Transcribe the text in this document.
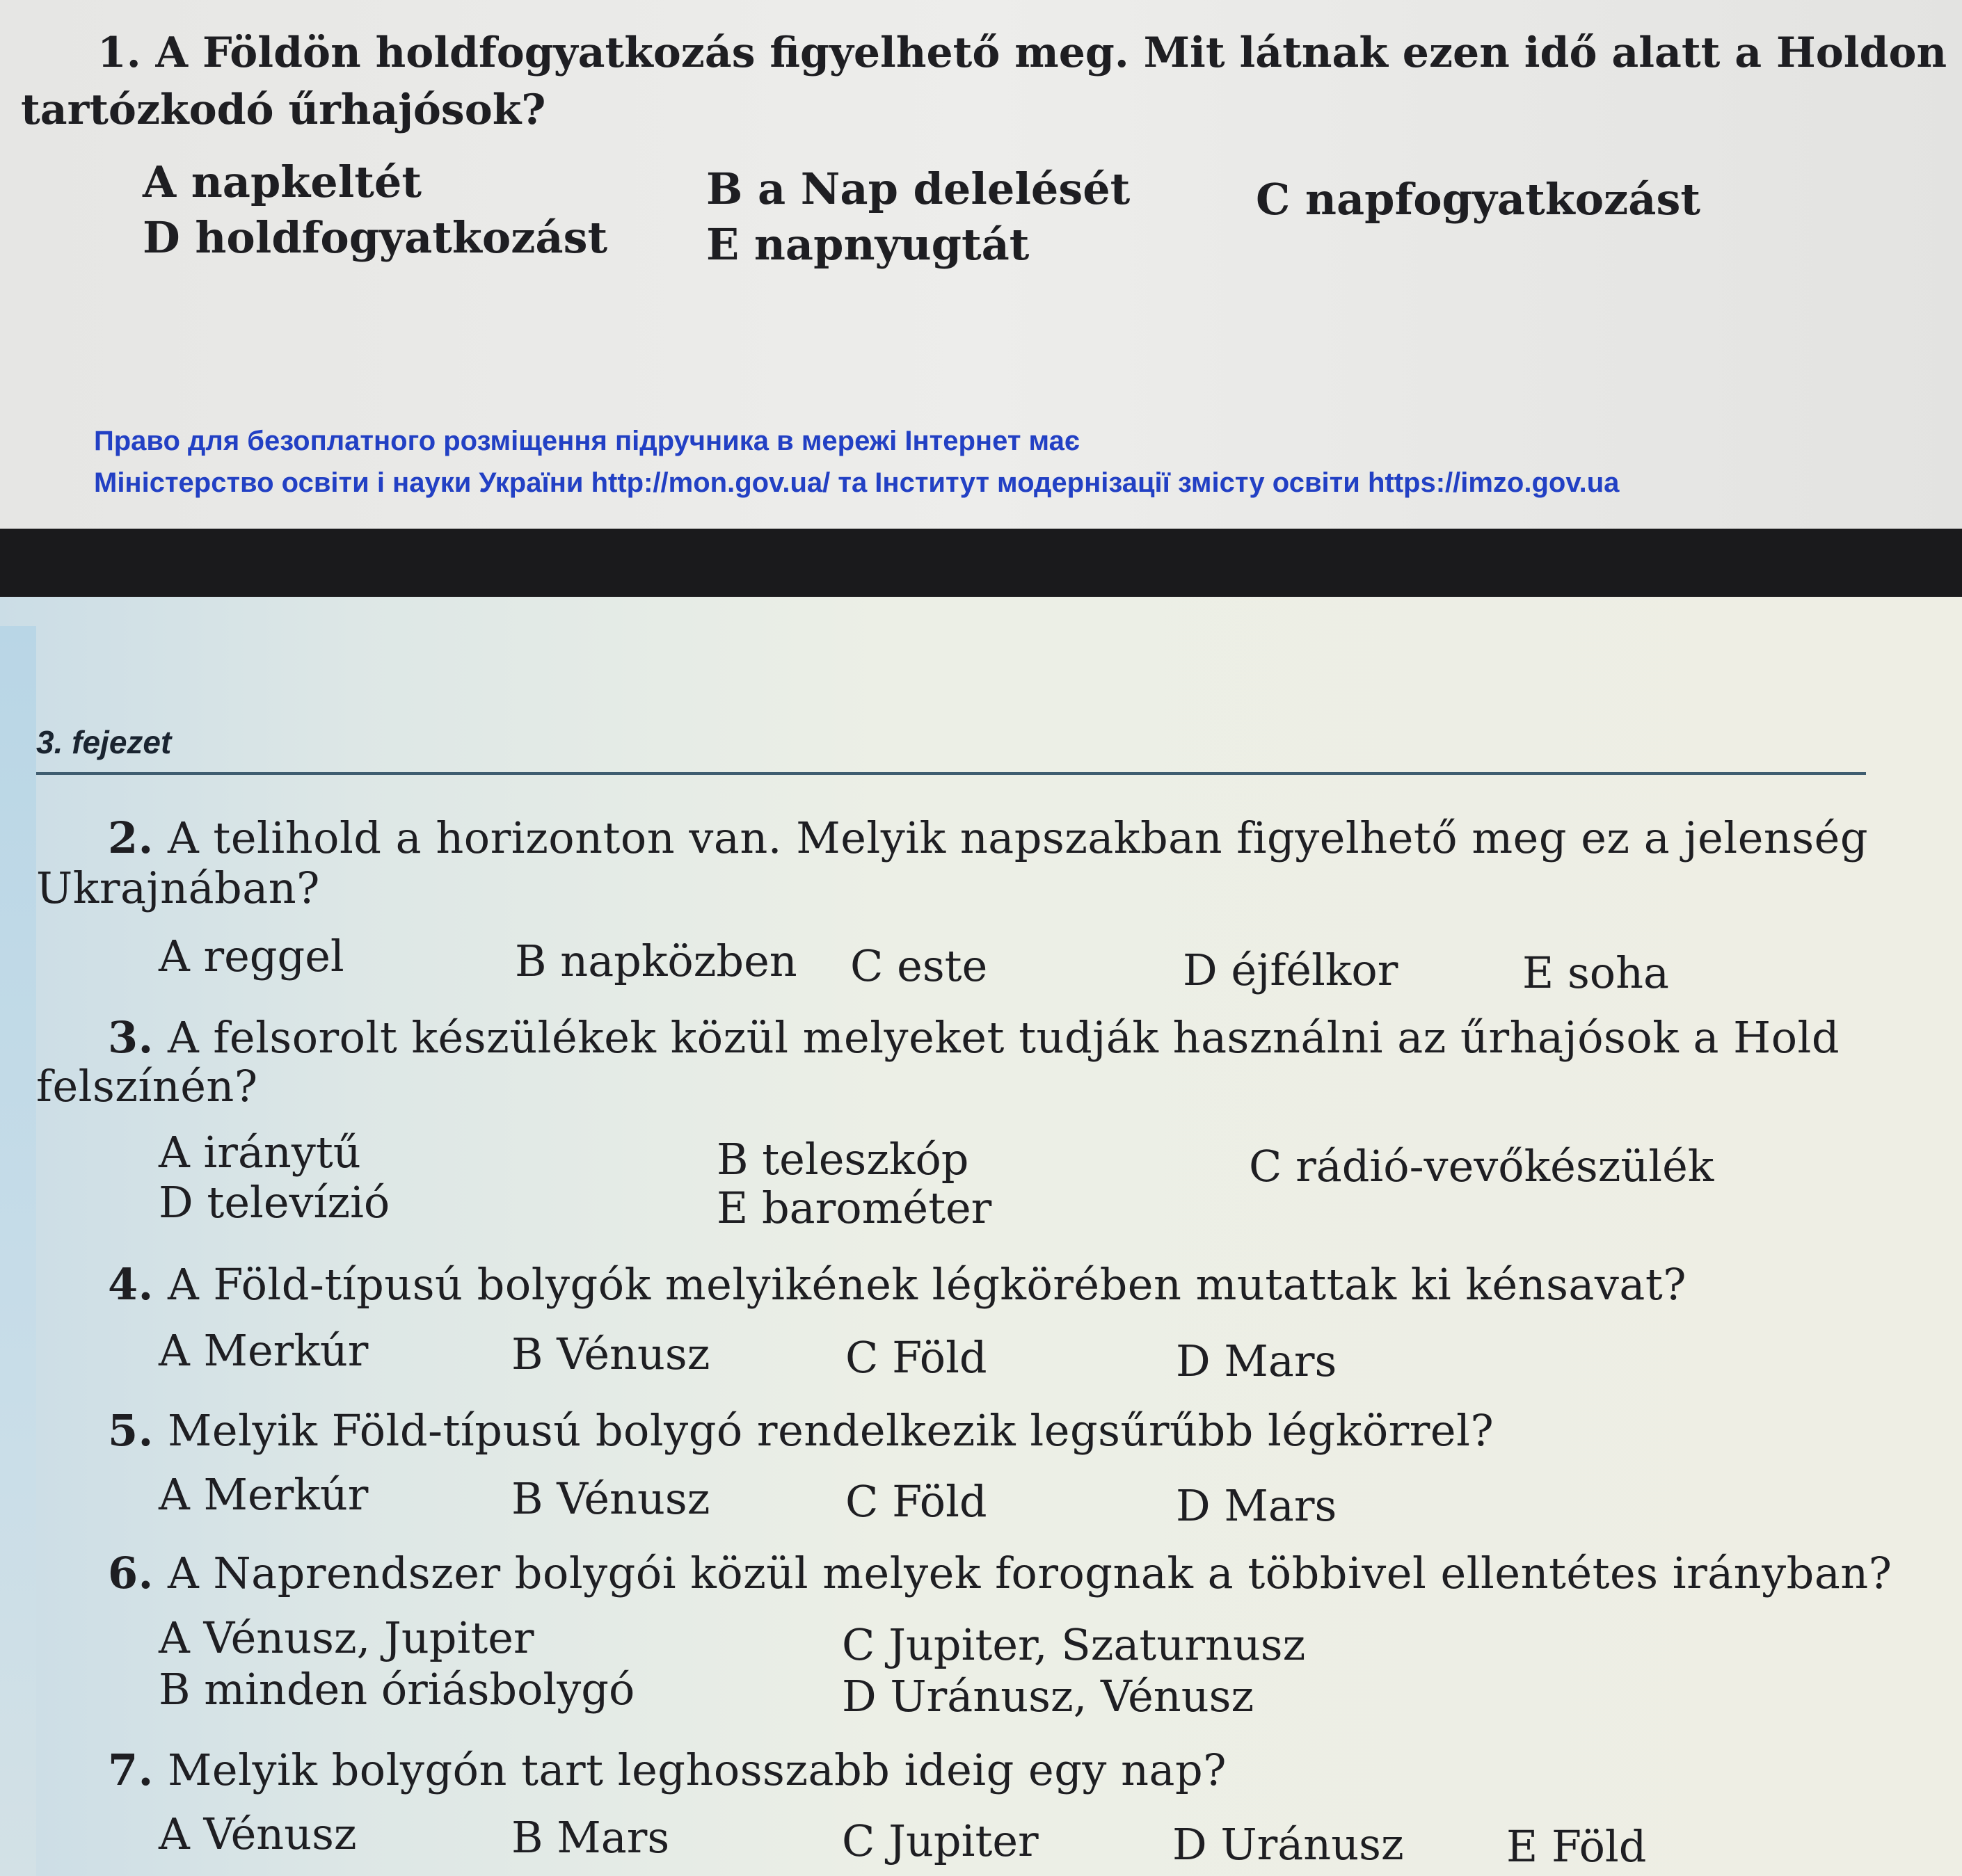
1. A Földön holdfogyatkozás figyelhető meg. Mit látnak ezen idő alatt a Holdon
tartózkodó űrhajósok?
A napkeltét	B a Nap delelését	C napfogyatkozást
D holdfogyatkozást E napnyugtát
Право для безоплатного розміщення підручника в мережі Інтернет має
Міністерство освіти і науки України http://mon.gov.ua/ та Інститут модернізації змісту освіти https://imzo.gov.ua
3. fejezet
2. A telihold a horizonton van. Melyik napszakban figyelhető meg ez a jelenség
Ukrajnában?
A reggel	B napközben C este	D éjfélkor	E soha
3. A felsorolt készülékek közül melyeket tudják használni az űrhajósok a Hold
felszínén?
A iránytű	B teleszkóp	C rádió-vevőkészülék
D televízió	E barométer
4. A Föld-típusú bolygók melyikének légkörében mutattak ki kénsavat?
A Merkúr	B Vénusz	C Föld	D Mars
5. Melyik Föld-típusú bolygó rendelkezik legsűrűbb légkörrel?
A Merkúr	B Vénusz	C Föld	D Mars
6. A Naprendszer bolygói közül melyek forognak a többivel ellentétes irányban?
A Vénusz, Jupiter	C Jupiter, Szaturnusz
B minden óriásbolygó	D Uránusz, Vénusz
7. Melyik bolygón tart leghosszabb ideig egy nap?
A Vénusz	B Mars	C Jupiter	D Uránusz E Föld
